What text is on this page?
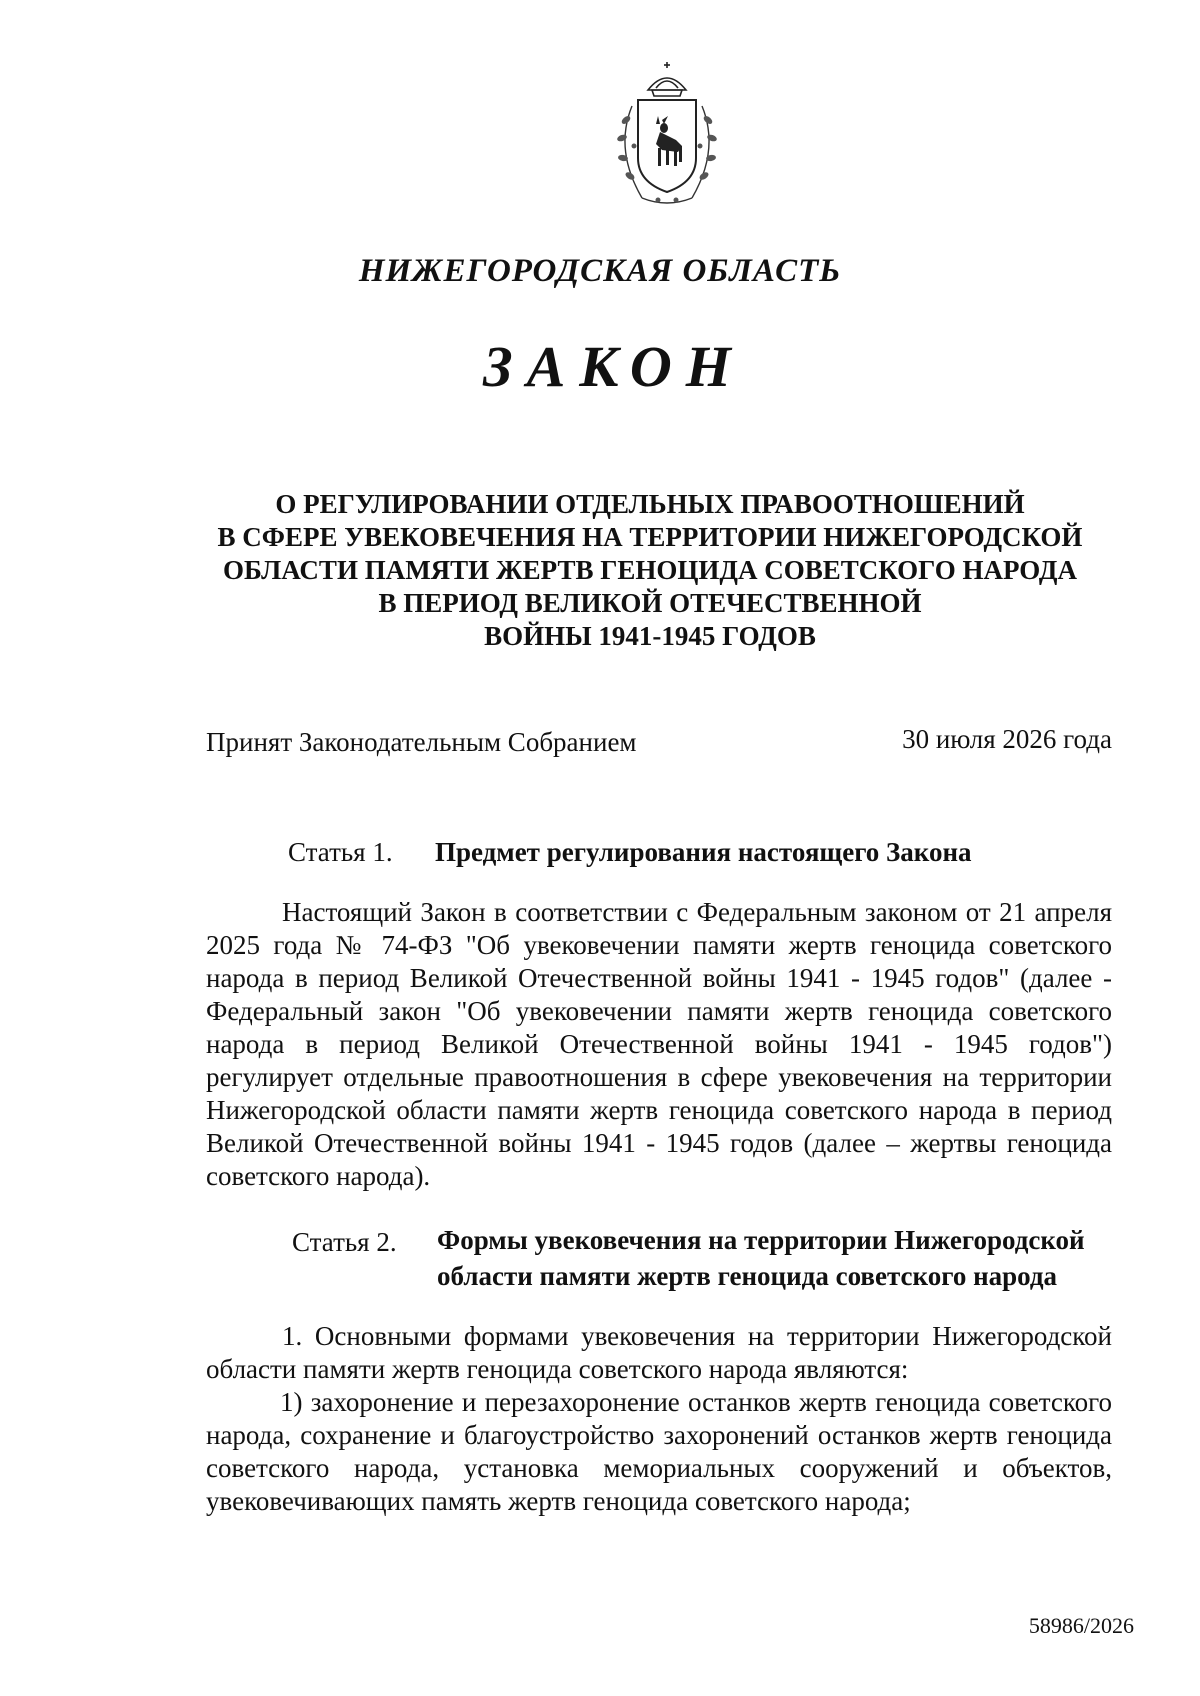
НИЖЕГОРОДСКАЯ ОБЛАСТЬ
ЗАКОН
О РЕГУЛИРОВАНИИ ОТДЕЛЬНЫХ ПРАВООТНОШЕНИЙ
В СФЕРЕ УВЕКОВЕЧЕНИЯ НА ТЕРРИТОРИИ НИЖЕГОРОДСКОЙ
ОБЛАСТИ ПАМЯТИ ЖЕРТВ ГЕНОЦИДА СОВЕТСКОГО НАРОДА
В ПЕРИОД ВЕЛИКОЙ ОТЕЧЕСТВЕННОЙ
ВОЙНЫ 1941-1945 ГОДОВ
Принят Законодательным Собранием	30 июля 2026 года
Статья 1. Предмет регулирования настоящего Закона

Настоящий Закон в соответствии с Федеральным законом от 21 апреля 2025 года № 74-ФЗ "Об увековечении памяти жертв геноцида советского народа в период Великой Отечественной войны 1941 - 1945 годов" (далее - Федеральный закон "Об увековечении памяти жертв геноцида советского народа в период Великой Отечественной войны 1941 - 1945 годов") регулирует отдельные правоотношения в сфере увековечения на территории Нижегородской области памяти жертв геноцида советского народа в период Великой Отечественной войны 1941 - 1945 годов (далее – жертвы геноцида советского народа).

Статья 2. Формы увековечения на территории Нижегородской
области памяти жертв геноцида советского народа

1. Основными формами увековечения на территории Нижегородской области памяти жертв геноцида советского народа являются:

1) захоронение и перезахоронение останков жертв геноцида советского народа, сохранение и благоустройство захоронений останков жертв геноцида советского народа, установка мемориальных сооружений и объектов, увековечивающих память жертв геноцида советского народа;

58986/2026
